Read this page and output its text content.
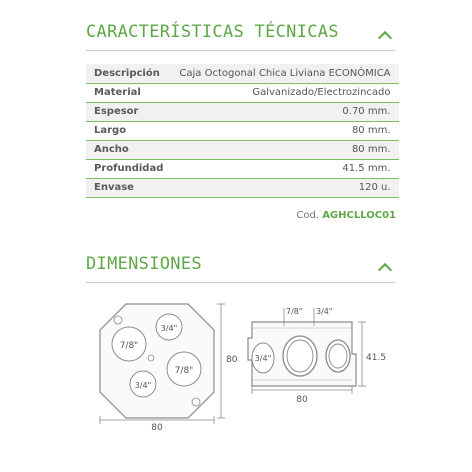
CARACTERÍSTICAS TÉCNICAS
Descripción	Caja Octogonal Chica Liviana ECONÓMICA
Material	Galvanizado/Electrozincado
Espesor	0.70 mm.
Largo	80 mm.
Ancho	80 mm.
Profundidad	41.5 mm.
Envase	120 u.
Cod. AGHCLLOC01
DIMENSIONES
7/8"
3/4"
3/4"
7/8"
80
80
3/4"
7/8" 3/4"
41.5
80
